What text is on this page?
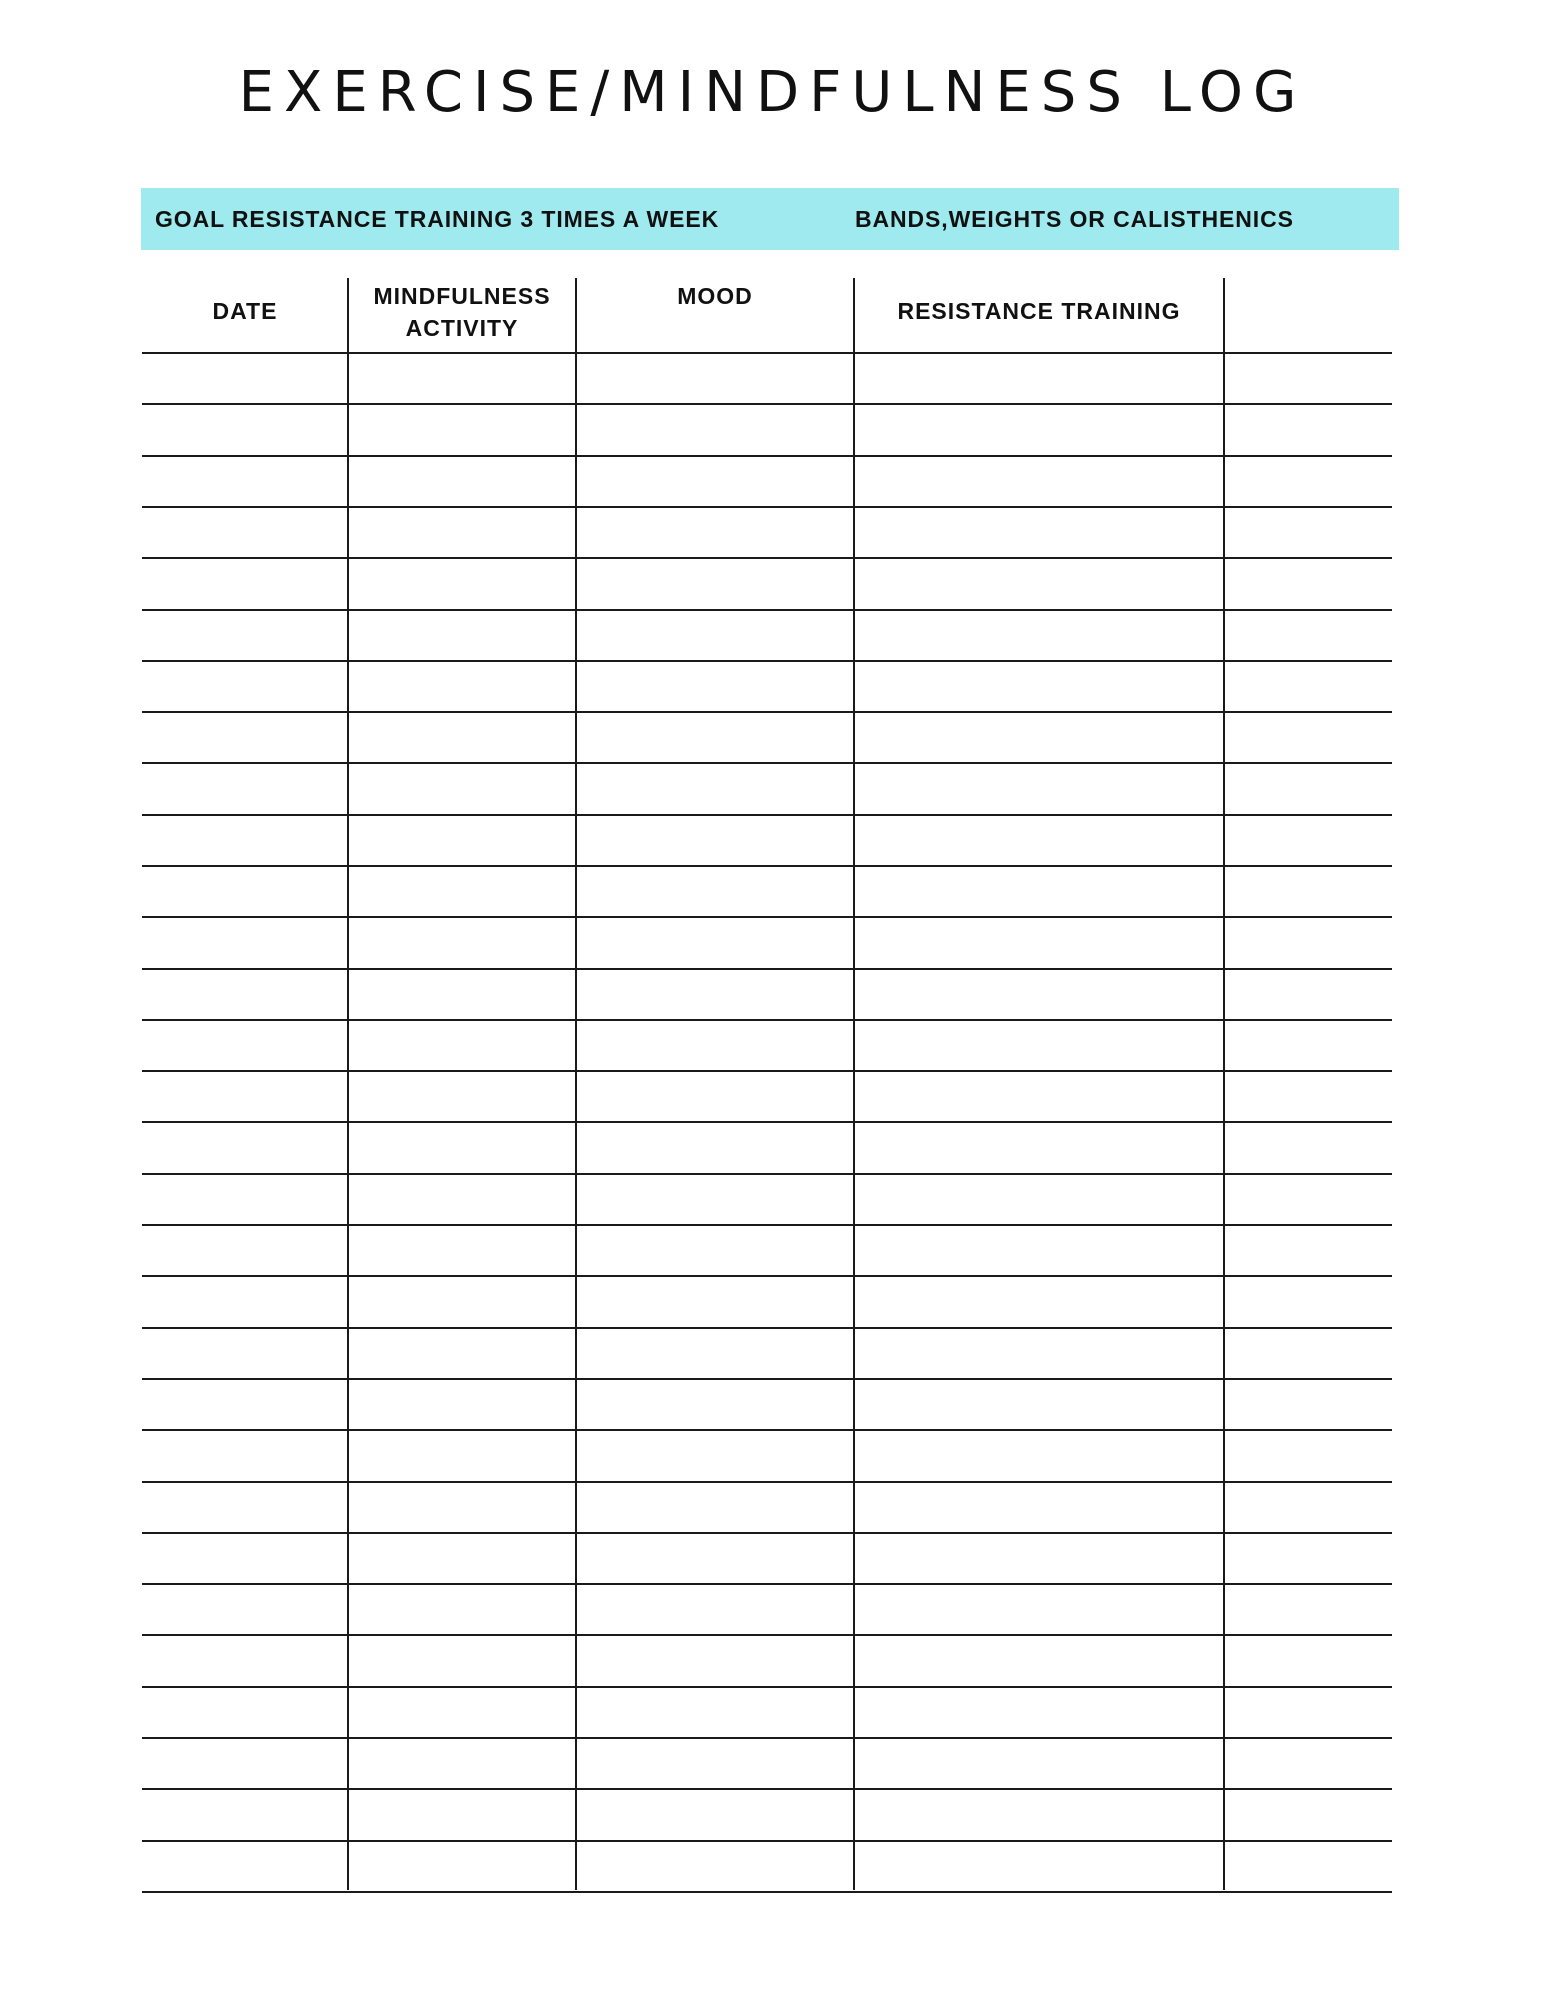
EXERCISE/MINDFULNESS LOG
GOAL RESISTANCE TRAINING 3 TIMES A WEEK	BANDS,WEIGHTS OR CALISTHENICS
DATE
MINDFULNESS
ACTIVITY
MOOD
RESISTANCE TRAINING
